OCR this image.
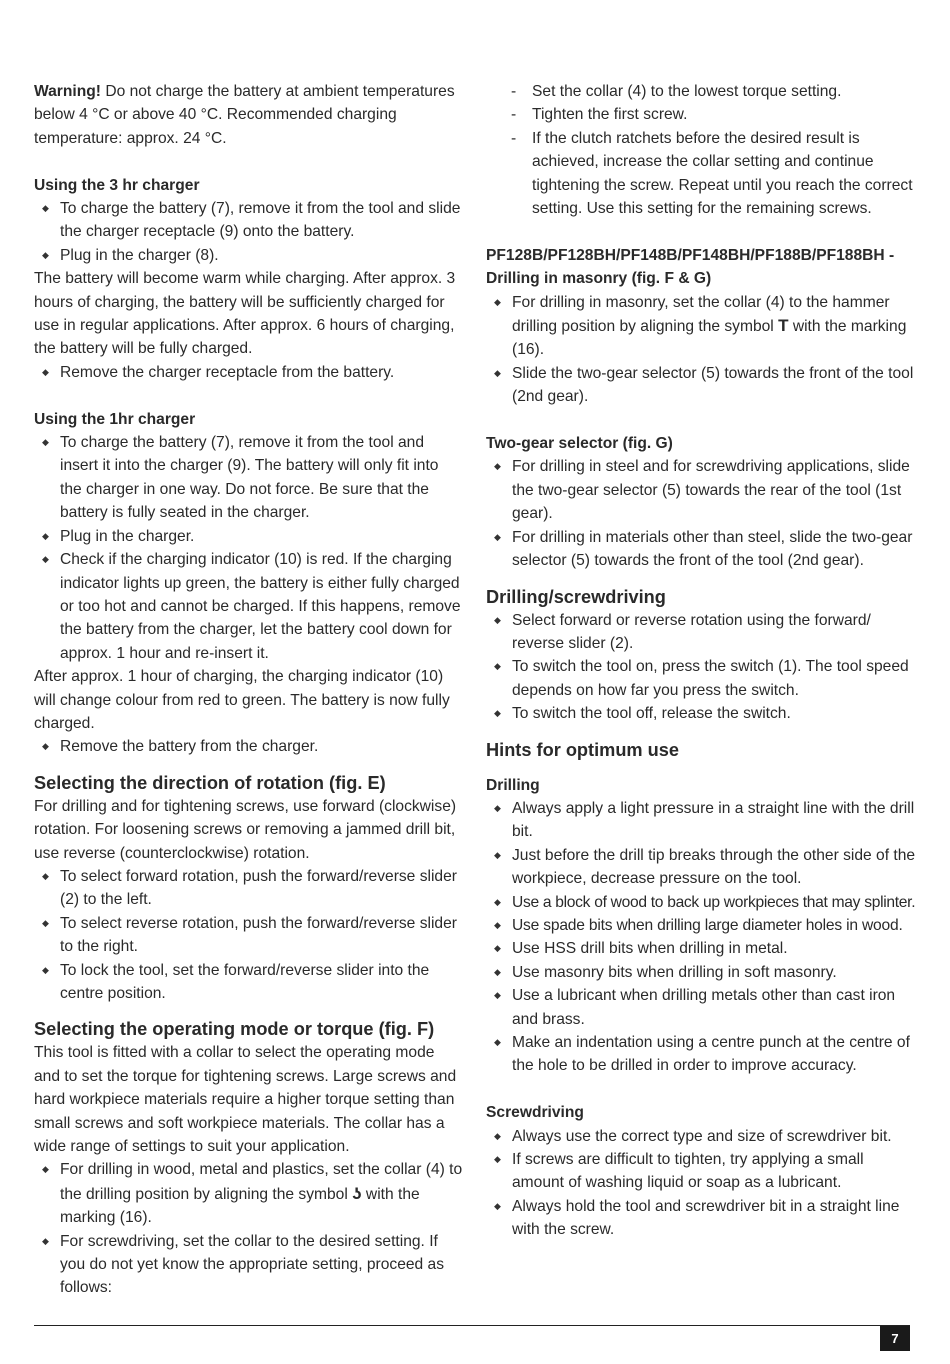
Warning! Do not charge the battery at ambient temperatures below 4 °C or above 40 °C. Recommended charging temperature: approx. 24 °C.

Using the 3 hr charger

◆ To charge the battery (7), remove it from the tool and slide the charger receptacle (9) onto the battery.
◆ Plug in the charger (8).

The battery will become warm while charging. After approx. 3 hours of charging, the battery will be sufficiently charged for use in regular applications. After approx. 6 hours of charging, the battery will be fully charged.

◆ Remove the charger receptacle from the battery.

Using the 1hr charger

◆ To charge the battery (7), remove it from the tool and insert it into the charger (9). The battery will only fit into the charger in one way. Do not force. Be sure that the battery is fully seated in the charger.
◆ Plug in the charger.
◆ Check if the charging indicator (10) is red. If the charging indicator lights up green, the battery is either fully charged or too hot and cannot be charged. If this happens, remove the battery from the charger, let the battery cool down for approx. 1 hour and re-insert it.

After approx. 1 hour of charging, the charging indicator (10) will change colour from red to green. The battery is now fully charged.

◆ Remove the battery from the charger.

Selecting the direction of rotation (fig. E)

For drilling and for tightening screws, use forward (clockwise) rotation. For loosening screws or removing a jammed drill bit, use reverse (counterclockwise) rotation.

◆ To select forward rotation, push the forward/reverse slider (2) to the left.
◆ To select reverse rotation, push the forward/reverse slider to the right.
◆ To lock the tool, set the forward/reverse slider into the centre position.

Selecting the operating mode or torque (fig. F)

This tool is fitted with a collar to select the operating mode and to set the torque for tightening screws. Large screws and hard workpiece materials require a higher torque setting than small screws and soft workpiece materials. The collar has a wide range of settings to suit your application.

◆ For drilling in wood, metal and plastics, set the collar (4) to the drilling position by aligning the symbol ʖ with the marking (16).
◆ For screwdriving, set the collar to the desired setting. If you do not yet know the appropriate setting, proceed as follows:
- Set the collar (4) to the lowest torque setting.
- Tighten the first screw.
- If the clutch ratchets before the desired result is achieved, increase the collar setting and continue tightening the screw. Repeat until you reach the correct setting. Use this setting for the remaining screws.

PF128B/PF128BH/PF148B/PF148BH/PF188B/PF188BH -

Drilling in masonry (fig. F & G)

◆ For drilling in masonry, set the collar (4) to the hammer drilling position by aligning the symbol T with the marking (16).
◆ Slide the two-gear selector (5) towards the front of the tool (2nd gear).

Two-gear selector (fig. G)

◆ For drilling in steel and for screwdriving applications, slide the two-gear selector (5) towards the rear of the tool (1st gear).
◆ For drilling in materials other than steel, slide the two-gear selector (5) towards the front of the tool (2nd gear).

Drilling/screwdriving

◆ Select forward or reverse rotation using the forward/ reverse slider (2).
◆ To switch the tool on, press the switch (1). The tool speed depends on how far you press the switch.
◆ To switch the tool off, release the switch.

Hints for optimum use

Drilling

◆ Always apply a light pressure in a straight line with the drill bit.
◆ Just before the drill tip breaks through the other side of the workpiece, decrease pressure on the tool.
◆ Use a block of wood to back up workpieces that may splinter.
◆ Use spade bits when drilling large diameter holes in wood.
◆ Use HSS drill bits when drilling in metal.
◆ Use masonry bits when drilling in soft masonry.
◆ Use a lubricant when drilling metals other than cast iron and brass.
◆ Make an indentation using a centre punch at the centre of the hole to be drilled in order to improve accuracy.

Screwdriving

◆ Always use the correct type and size of screwdriver bit.
◆ If screws are difficult to tighten, try applying a small amount of washing liquid or soap as a lubricant.
◆ Always hold the tool and screwdriver bit in a straight line with the screw.
7
